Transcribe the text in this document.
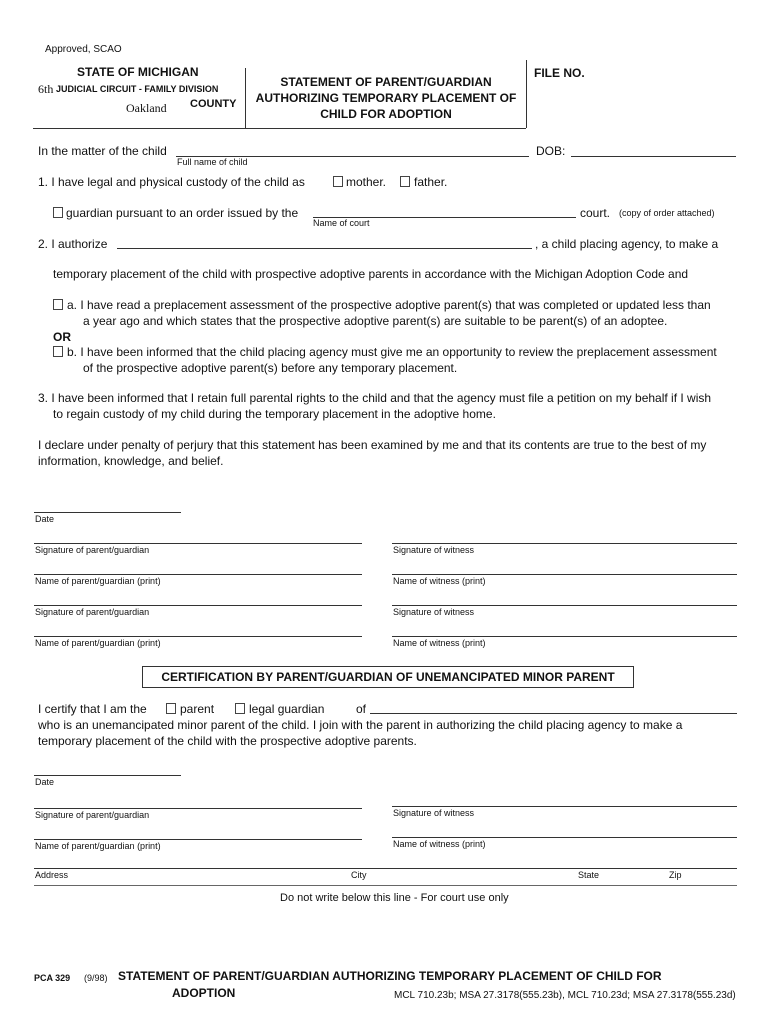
Approved, SCAO
STATE OF MICHIGAN
6th JUDICIAL CIRCUIT - FAMILY DIVISION
Oakland COUNTY
STATEMENT OF PARENT/GUARDIAN
AUTHORIZING TEMPORARY PLACEMENT OF
CHILD FOR ADOPTION
FILE NO.
In the matter of the child
Full name of child
DOB:
1. I have legal and physical custody of the child as	mother. father.
guardian pursuant to an order issued by the
Name of court
court. (copy of order attached)
2. I authorize	, a child placing agency, to make a
temporary placement of the child with prospective adoptive parents in accordance with the Michigan Adoption Code and
a. I have read a preplacement assessment of the prospective adoptive parent(s) that was completed or updated less than
a year ago and which states that the prospective adoptive parent(s) are suitable to be parent(s) of an adoptee.
OR
b. I have been informed that the child placing agency must give me an opportunity to review the preplacement assessment
of the prospective adoptive parent(s) before any temporary placement.
3. I have been informed that I retain full parental rights to the child and that the agency must file a petition on my behalf if I wish
to regain custody of my child during the temporary placement in the adoptive home.
I declare under penalty of perjury that this statement has been examined by me and that its contents are true to the best of my
information, knowledge, and belief.
Date
Signature of parent/guardian	Signature of witness
Name of parent/guardian (print)	Name of witness (print)
Signature of parent/guardian	Signature of witness
Name of parent/guardian (print)	Name of witness (print)
CERTIFICATION BY PARENT/GUARDIAN OF UNEMANCIPATED MINOR PARENT
I certify that I am the	parent	legal guardian	of
who is an unemancipated minor parent of the child. I join with the parent in authorizing the child placing agency to make a
temporary placement of the child with the prospective adoptive parents.
Date
Signature of parent/guardian	Signature of witness
Name of parent/guardian (print)	Name of witness (print)
Address	City	State	Zip
Do not write below this line - For court use only
PCA 329 (9/98) STATEMENT OF PARENT/GUARDIAN AUTHORIZING TEMPORARY PLACEMENT OF CHILD FOR
ADOPTION	MCL 710.23b; MSA 27.3178(555.23b), MCL 710.23d; MSA 27.3178(555.23d)
